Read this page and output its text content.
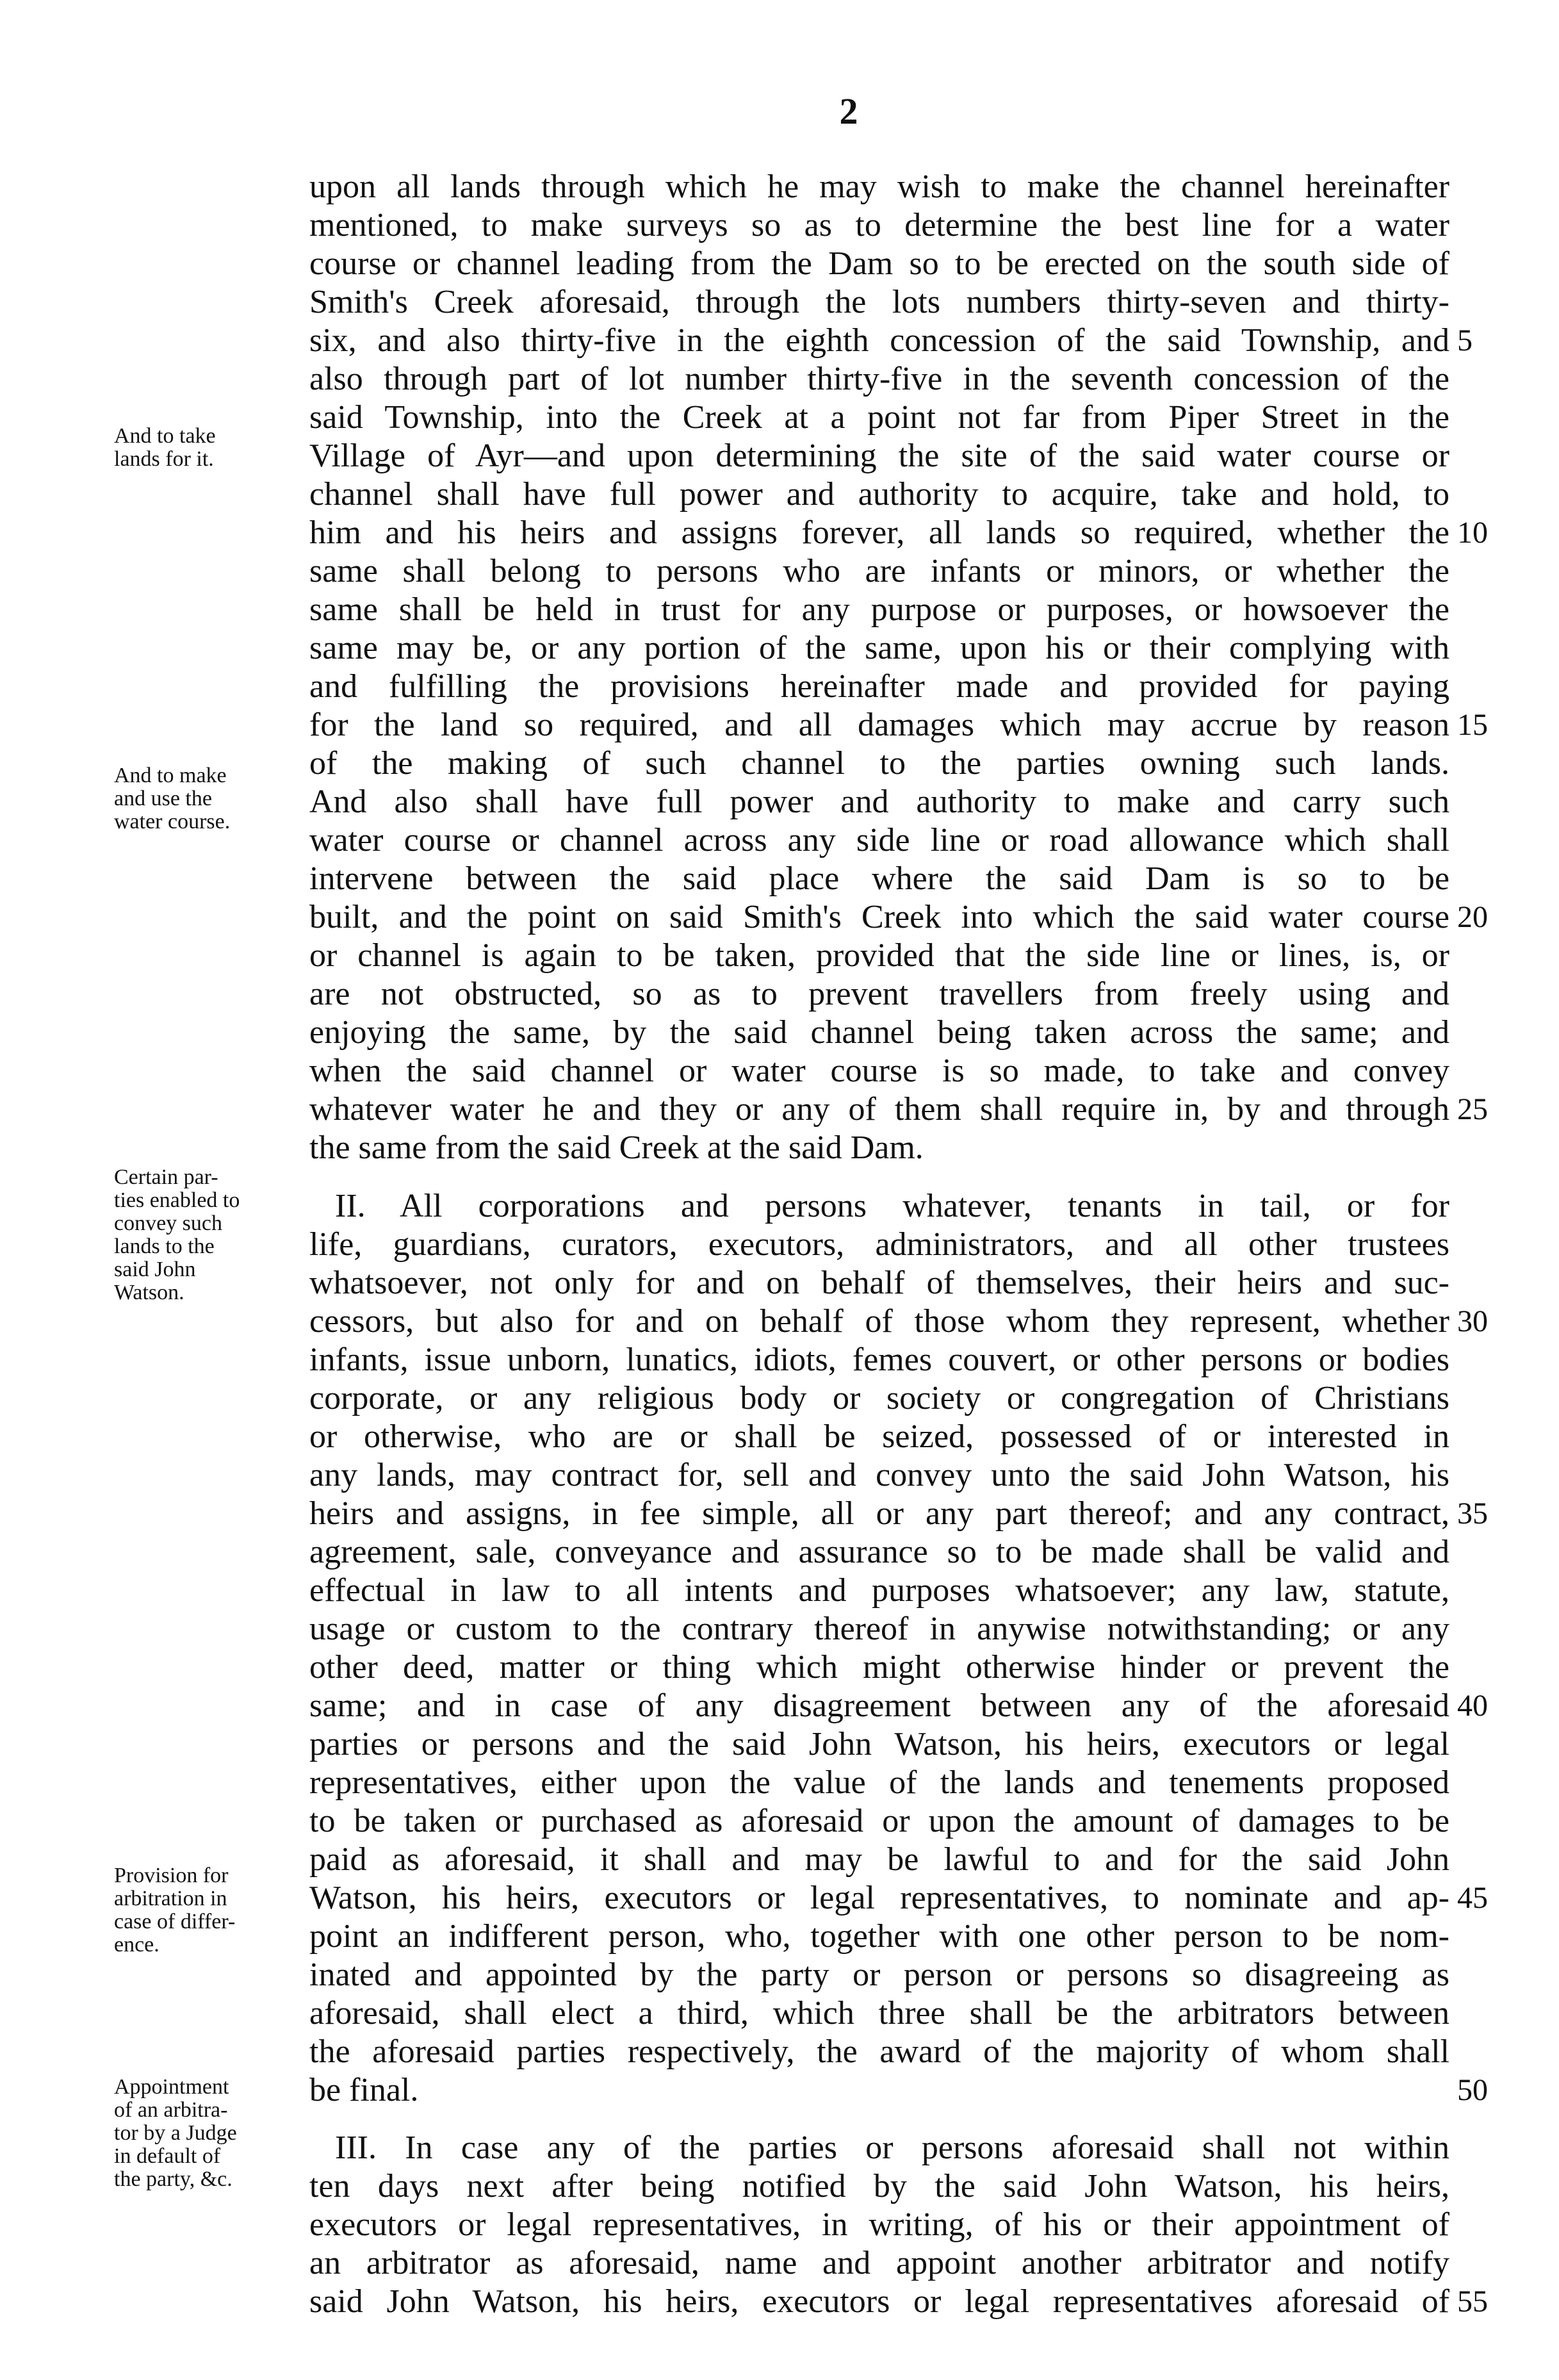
2
And to take
lands for it.
And to make
and use the
water course.
Certain par-
ties enabled to
convey such
lands to the
said John
Watson.
Provision for
arbitration in
case of differ-
ence.
Appointment
of an arbitra-
tor by a Judge
in default of
the party, &c.
upon all lands through which he may wish to make the channel hereinafter
mentioned, to make surveys so as to determine the best line for a water
course or channel leading from the Dam so to be erected on the south side of
Smith's Creek aforesaid, through the lots numbers thirty-seven and thirty-
six, and also thirty-five in the eighth concession of the said Township, and
also through part of lot number thirty-five in the seventh concession of the
said Township, into the Creek at a point not far from Piper Street in the
Village of Ayr—and upon determining the site of the said water course or
channel shall have full power and authority to acquire, take and hold, to
him and his heirs and assigns forever, all lands so required, whether the
same shall belong to persons who are infants or minors, or whether the
same shall be held in trust for any purpose or purposes, or howsoever the
same may be, or any portion of the same, upon his or their complying with
and fulfilling the provisions hereinafter made and provided for paying
for the land so required, and all damages which may accrue by reason
of the making of such channel to the parties owning such lands.
And also shall have full power and authority to make and carry such
water course or channel across any side line or road allowance which shall
intervene between the said place where the said Dam is so to be
built, and the point on said Smith's Creek into which the said water course
or channel is again to be taken, provided that the side line or lines, is, or
are not obstructed, so as to prevent travellers from freely using and
enjoying the same, by the said channel being taken across the same; and
when the said channel or water course is so made, to take and convey
whatever water he and they or any of them shall require in, by and through
the same from the said Creek at the said Dam.
II. All corporations and persons whatever, tenants in tail, or for
life, guardians, curators, executors, administrators, and all other trustees
whatsoever, not only for and on behalf of themselves, their heirs and suc-
cessors, but also for and on behalf of those whom they represent, whether
infants, issue unborn, lunatics, idiots, femes couvert, or other persons or bodies
corporate, or any religious body or society or congregation of Christians
or otherwise, who are or shall be seized, possessed of or interested in
any lands, may contract for, sell and convey unto the said John Watson, his
heirs and assigns, in fee simple, all or any part thereof; and any contract,
agreement, sale, conveyance and assurance so to be made shall be valid and
effectual in law to all intents and purposes whatsoever; any law, statute,
usage or custom to the contrary thereof in anywise notwithstanding; or any
other deed, matter or thing which might otherwise hinder or prevent the
same; and in case of any disagreement between any of the aforesaid
parties or persons and the said John Watson, his heirs, executors or legal
representatives, either upon the value of the lands and tenements proposed
to be taken or purchased as aforesaid or upon the amount of damages to be
paid as aforesaid, it shall and may be lawful to and for the said John
Watson, his heirs, executors or legal representatives, to nominate and ap-
point an indifferent person, who, together with one other person to be nom-
inated and appointed by the party or person or persons so disagreeing as
aforesaid, shall elect a third, which three shall be the arbitrators between
the aforesaid parties respectively, the award of the majority of whom shall
be final.
III. In case any of the parties or persons aforesaid shall not within
ten days next after being notified by the said John Watson, his heirs,
executors or legal representatives, in writing, of his or their appointment of
an arbitrator as aforesaid, name and appoint another arbitrator and notify
said John Watson, his heirs, executors or legal representatives aforesaid of
5
10
15
20
25
30
35
40
45
50
55
